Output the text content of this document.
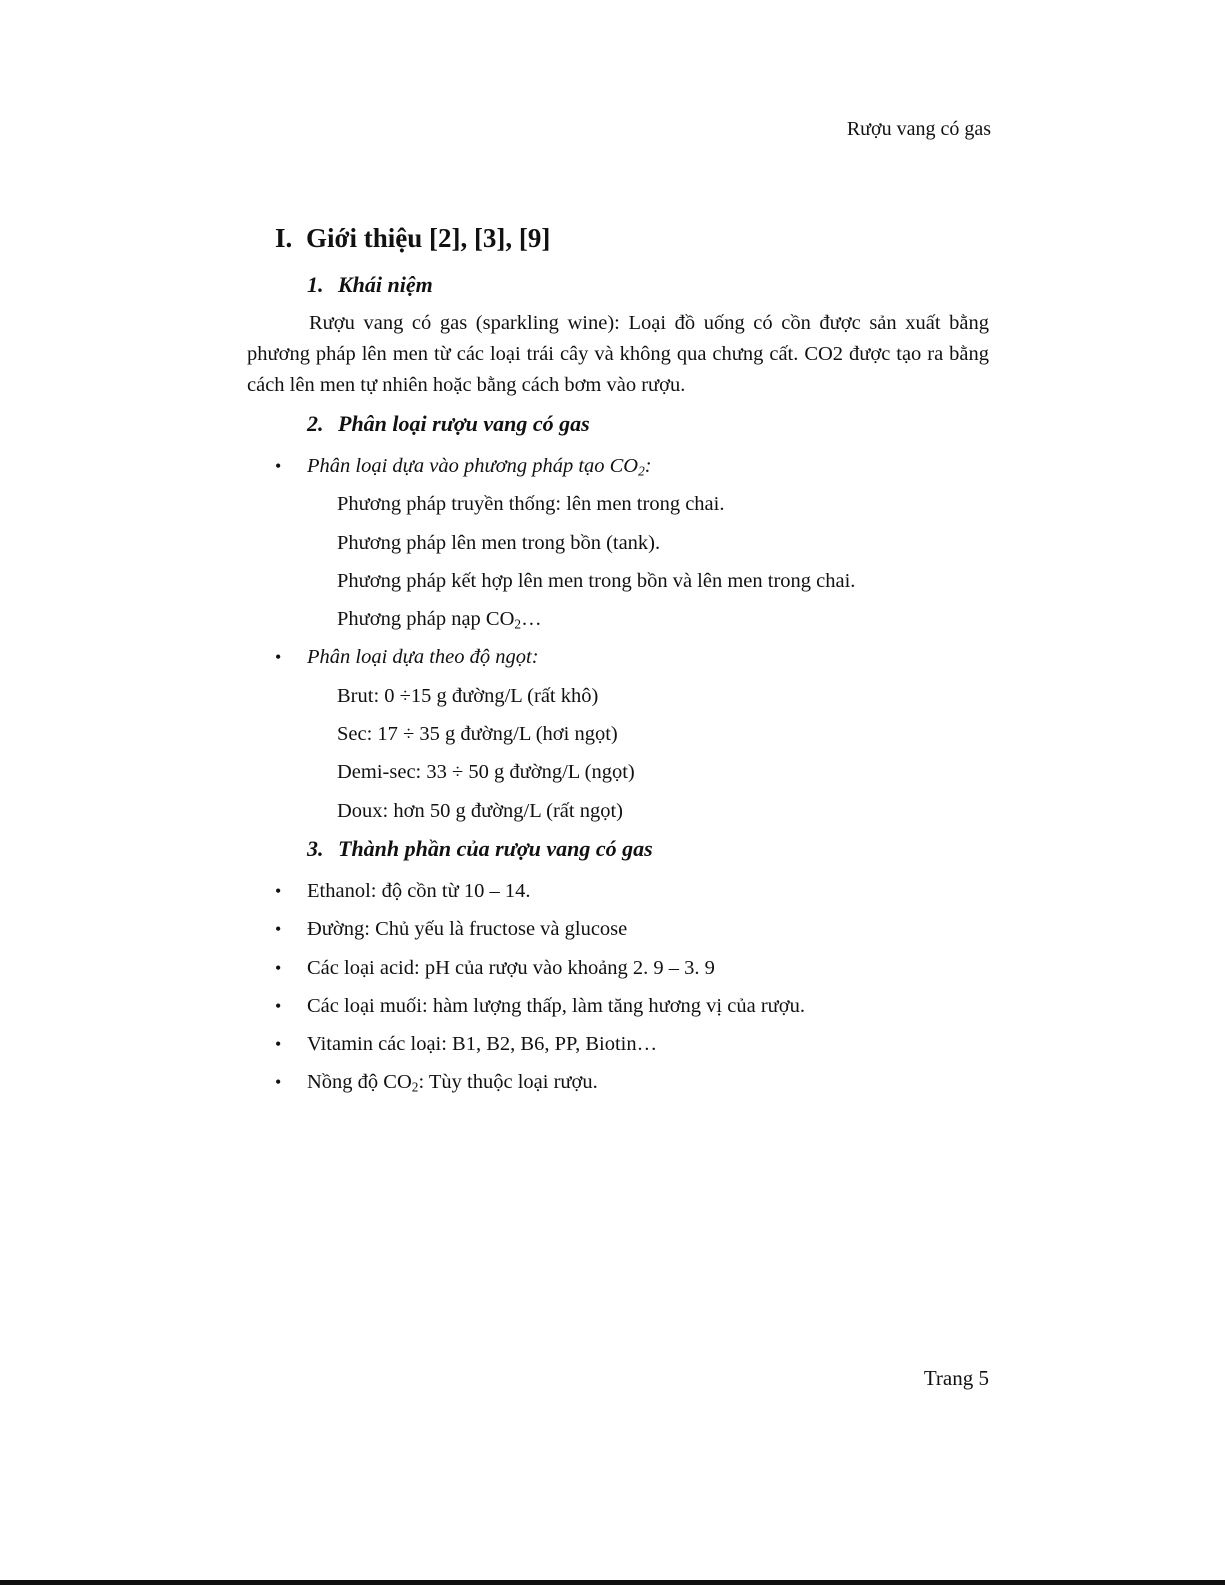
Rượu vang có gas
I. Giới thiệu [2], [3], [9]
1. Khái niệm

Rượu vang có gas (sparkling wine): Loại đồ uống có cồn được sản xuất bằng phương pháp lên men từ các loại trái cây và không qua chưng cất. CO2 được tạo ra bằng cách lên men tự nhiên hoặc bằng cách bơm vào rượu.

2. Phân loại rượu vang có gas
• Phân loại dựa vào phương pháp tạo $CO_2$:
Phương pháp truyền thống: lên men trong chai.
Phương pháp lên men trong bồn (tank).
Phương pháp kết hợp lên men trong bồn và lên men trong chai.
Phương pháp nạp $CO_2\dots$
• Phân loại dựa theo độ ngọt:
Brut: 0 ÷15 g đường/L (rất khô)
Sec: 17 ÷ 35 g đường/L (hơi ngọt)
Demi-sec: 33 ÷ 50 g đường/L (ngọt)
Doux: hơn 50 g đường/L (rất ngọt)
3. Thành phần của rượu vang có gas
• Ethanol: độ cồn từ 10 – 14.
• Đường: Chủ yếu là fructose và glucose
• Các loại acid: pH của rượu vào khoảng 2. 9 – 3. 9
• Các loại muối: hàm lượng thấp, làm tăng hương vị của rượu.
• Vitamin các loại: B1, B2, B6, PP, Biotin…
• Nồng độ $CO_2$: Tùy thuộc loại rượu.
Trang 5
